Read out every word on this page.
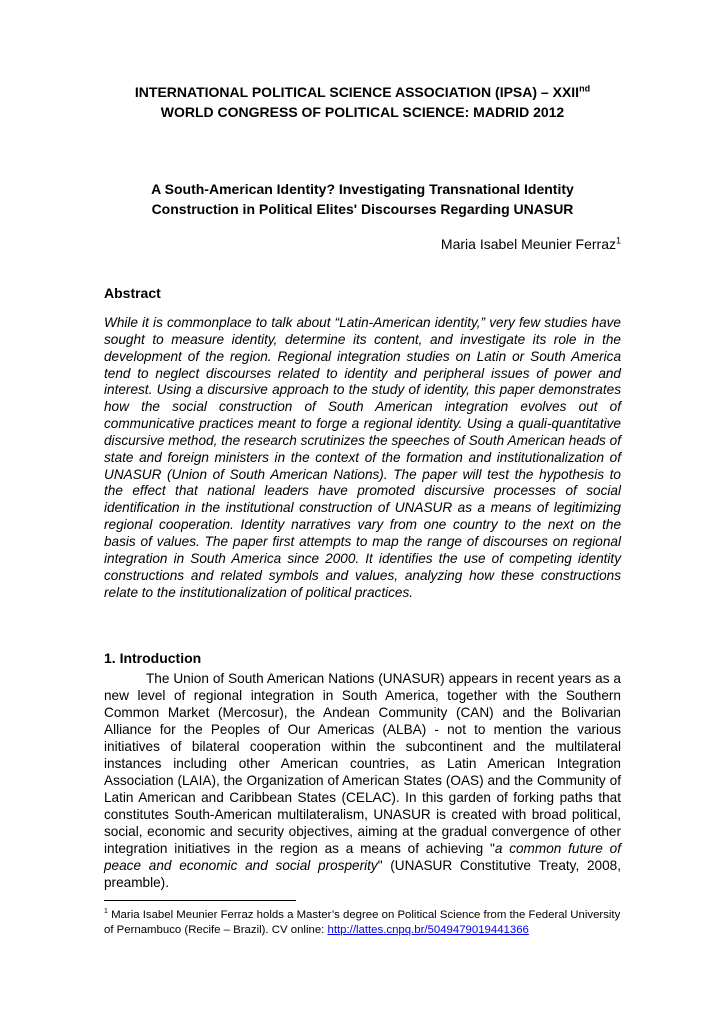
INTERNATIONAL POLITICAL SCIENCE ASSOCIATION (IPSA) – XXIInd
WORLD CONGRESS OF POLITICAL SCIENCE: MADRID 2012
A South-American Identity? Investigating Transnational Identity
Construction in Political Elites' Discourses Regarding UNASUR
Maria Isabel Meunier Ferraz$^1$
Abstract

While it is commonplace to talk about “Latin-American identity,” very few studies have sought to measure identity, determine its content, and investigate its role in the development of the region. Regional integration studies on Latin or South America tend to neglect discourses related to identity and peripheral issues of power and interest. Using a discursive approach to the study of identity, this paper demonstrates how the social construction of South American integration evolves out of communicative practices meant to forge a regional identity. Using a quali-quantitative discursive method, the research scrutinizes the speeches of South American heads of state and foreign ministers in the context of the formation and institutionalization of UNASUR (Union of South American Nations). The paper will test the hypothesis to the effect that national leaders have promoted discursive processes of social identification in the institutional construction of UNASUR as a means of legitimizing regional cooperation. Identity narratives vary from one country to the next on the basis of values. The paper first attempts to map the range of discourses on regional integration in South America since 2000. It identifies the use of competing identity constructions and related symbols and values, analyzing how these constructions relate to the institutionalization of political practices.

1. Introduction

The Union of South American Nations (UNASUR) appears in recent years as a new level of regional integration in South America, together with the Southern Common Market (Mercosur), the Andean Community (CAN) and the Bolivarian Alliance for the Peoples of Our Americas (ALBA) - not to mention the various initiatives of bilateral cooperation within the subcontinent and the multilateral instances including other American countries, as Latin American Integration Association (LAIA), the Organization of American States (OAS) and the Community of Latin American and Caribbean States (CELAC). In this garden of forking paths that constitutes South-American multilateralism, UNASUR is created with broad political, social, economic and security objectives, aiming at the gradual convergence of other integration initiatives in the region as a means of achieving "a common future of peace and economic and social prosperity" (UNASUR Constitutive Treaty, 2008, preamble).

$^1$ Maria Isabel Meunier Ferraz holds a Master’s degree on Political Science from the Federal University of Pernambuco (Recife – Brazil). CV online: http://lattes.cnpq.br/5049479019441366
